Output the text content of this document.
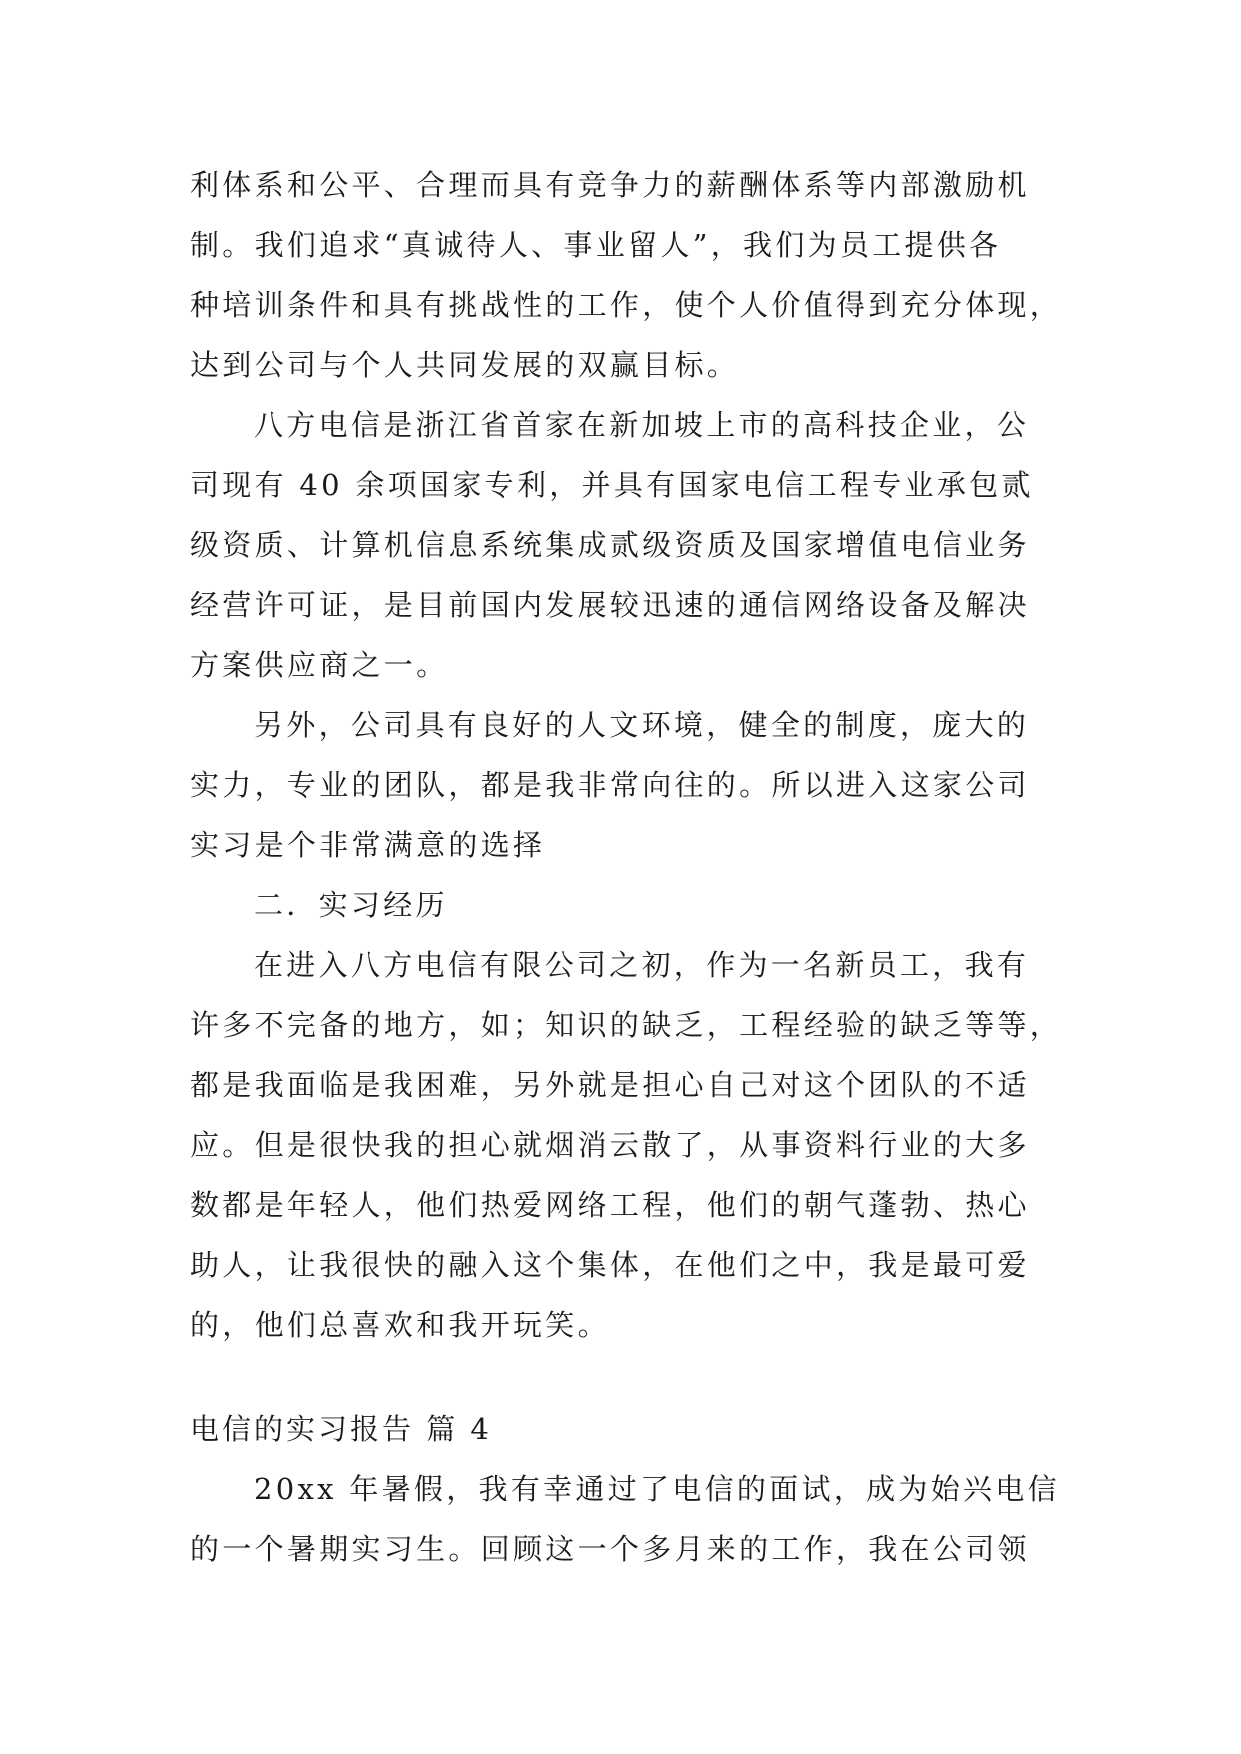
利体系和公平、合理而具有竞争力的薪酬体系等内部激励机

制。我们追求“真诚待人、事业留人”，我们为员工提供各

种培训条件和具有挑战性的工作，使个人价值得到充分体现，

达到公司与个人共同发展的双赢目标。

八方电信是浙江省首家在新加坡上市的高科技企业，公

司现有 40 余项国家专利，并具有国家电信工程专业承包贰

级资质、计算机信息系统集成贰级资质及国家增值电信业务

经营许可证，是目前国内发展较迅速的通信网络设备及解决

方案供应商之一。

另外，公司具有良好的人文环境，健全的制度，庞大的

实力，专业的团队，都是我非常向往的。所以进入这家公司

实习是个非常满意的选择

二．实习经历

在进入八方电信有限公司之初，作为一名新员工，我有

许多不完备的地方，如；知识的缺乏，工程经验的缺乏等等，

都是我面临是我困难，另外就是担心自己对这个团队的不适

应。但是很快我的担心就烟消云散了，从事资料行业的大多

数都是年轻人，他们热爱网络工程，他们的朝气蓬勃、热心

助人，让我很快的融入这个集体，在他们之中，我是最可爱

的，他们总喜欢和我开玩笑。

电信的实习报告 篇 4

20xx 年暑假，我有幸通过了电信的面试，成为始兴电信

的一个暑期实习生。回顾这一个多月来的工作，我在公司领
